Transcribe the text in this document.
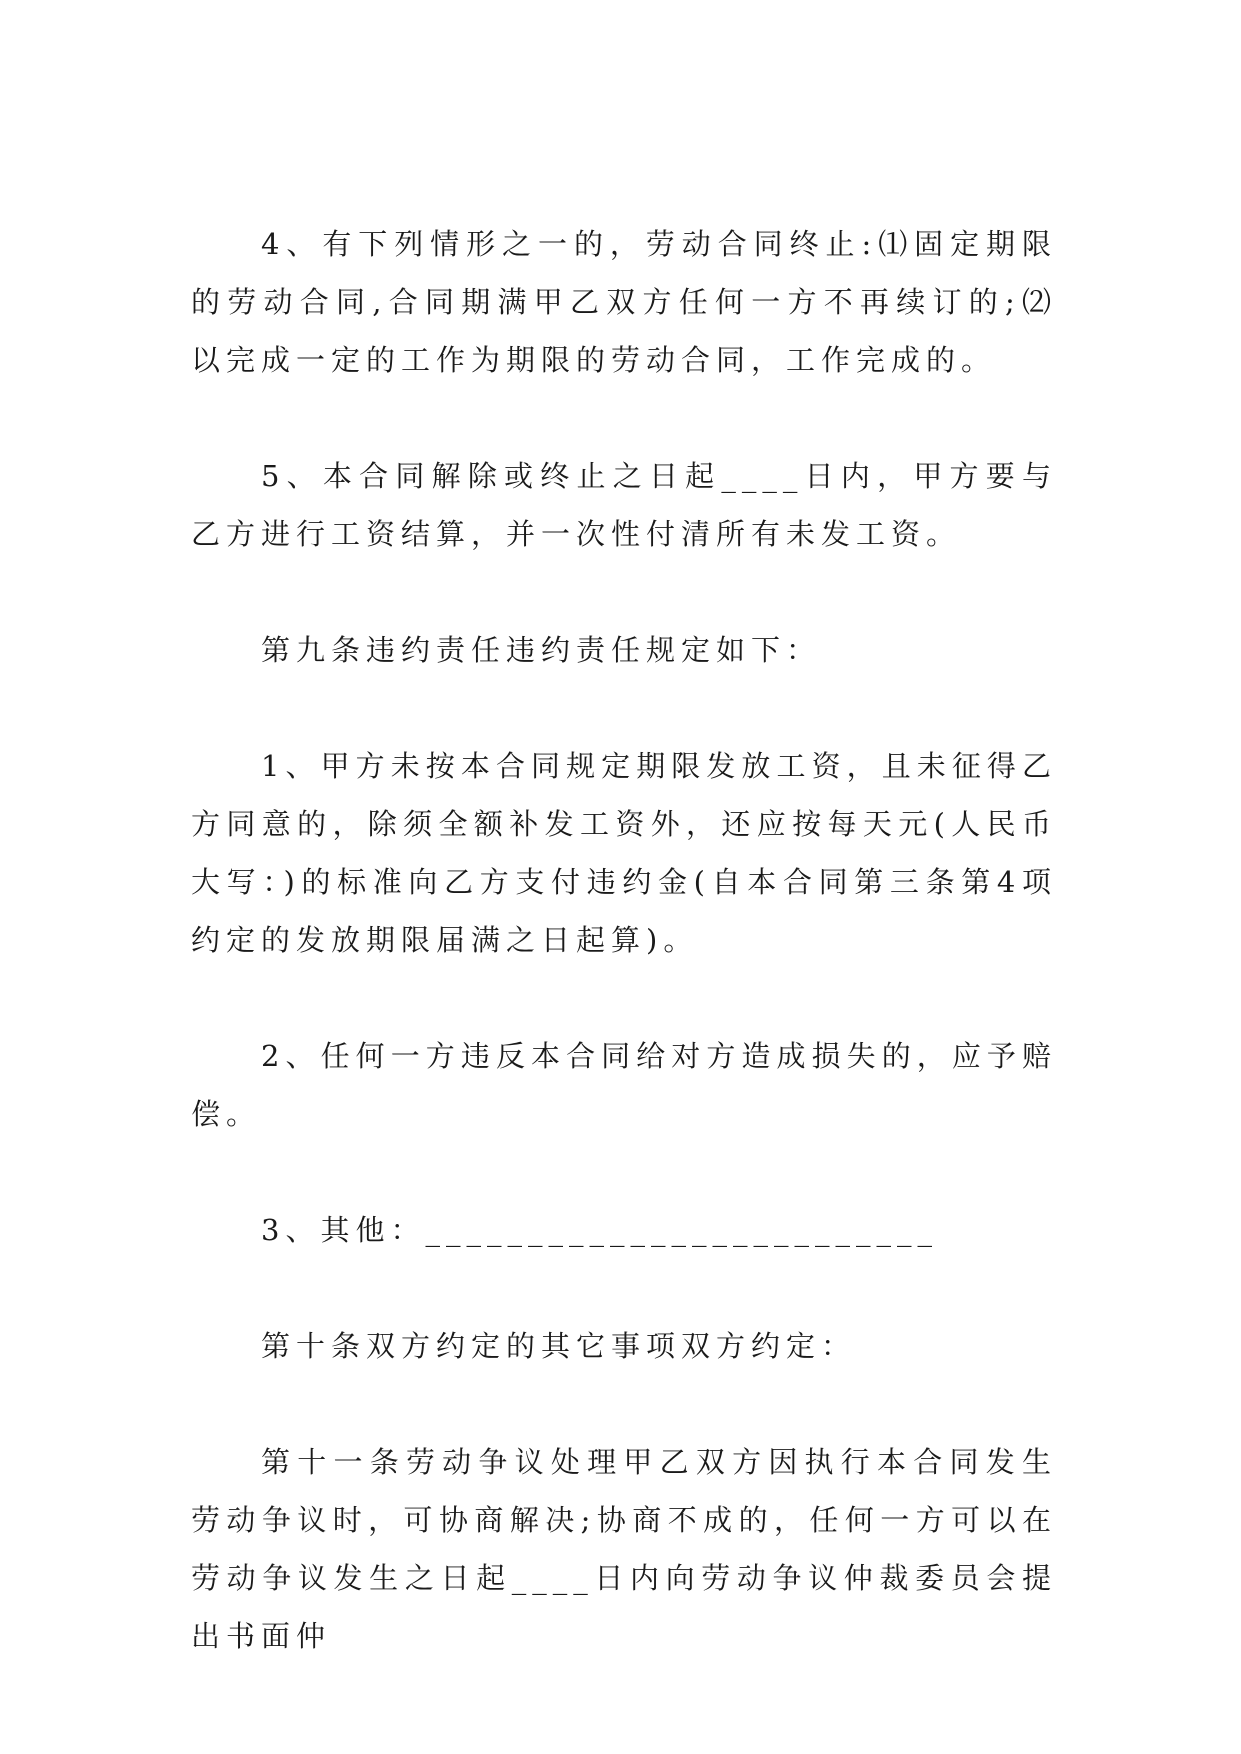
4、有下列情形之一的，劳动合同终止:⑴固定期限的劳动合同,合同期满甲乙双方任何一方不再续订的;⑵以完成一定的工作为期限的劳动合同，工作完成的。

5、本合同解除或终止之日起____日内，甲方要与乙方进行工资结算，并一次性付清所有未发工资。

第九条违约责任违约责任规定如下：

1、甲方未按本合同规定期限发放工资，且未征得乙方同意的，除须全额补发工资外，还应按每天元(人民币大写：)的标准向乙方支付违约金(自本合同第三条第4项约定的发放期限届满之日起算)。

2、任何一方违反本合同给对方造成损失的，应予赔偿。

3、其他：_________________________

第十条双方约定的其它事项双方约定：

第十一条劳动争议处理甲乙双方因执行本合同发生劳动争议时，可协商解决;协商不成的，任何一方可以在劳动争议发生之日起____日内向劳动争议仲裁委员会提出书面仲
